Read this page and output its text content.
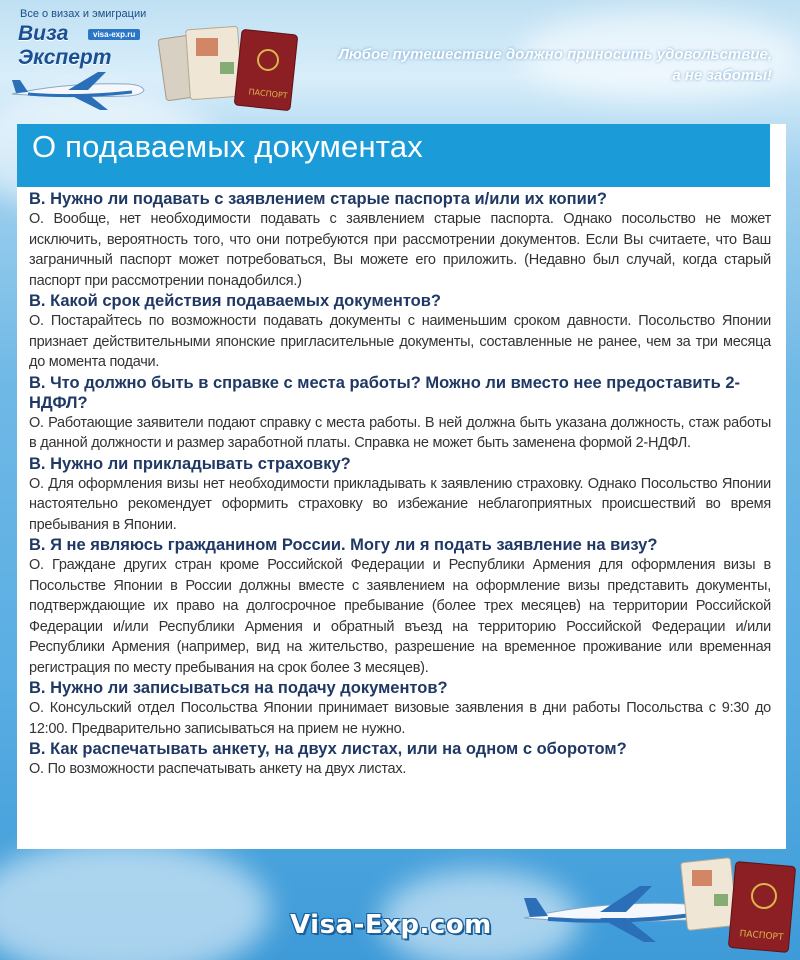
Все о визах и эмиграции
Виза
Эксперт
visa-exp.ru
ПАСПОРТ
Любое путешествие должно приносить удовольствие,
а не заботы!
О подаваемых документах
В. Нужно ли подавать с заявлением старые паспорта и/или их копии?
О. Вообще, нет необходимости подавать с заявлением старые паспорта. Однако посольство не может исключить, вероятность того, что они потребуются при рассмотрении документов. Если Вы считаете, что Ваш заграничный паспорт может потребоваться, Вы можете его приложить. (Недавно был случай, когда старый паспорт при рассмотрении понадобился.)
В. Какой срок действия подаваемых документов?
О. Постарайтесь по возможности подавать документы с наименьшим сроком давности. Посольство Японии признает действительными японские пригласительные документы, составленные не ранее, чем за три месяца до момента подачи.
В. Что должно быть в справке с места работы? Можно ли вместо нее предоставить 2-НДФЛ?
О. Работающие заявители подают справку с места работы. В ней должна быть указана должность, стаж работы в данной должности и размер заработной платы. Справка не может быть заменена формой 2-НДФЛ.
В. Нужно ли прикладывать страховку?
О. Для оформления визы нет необходимости прикладывать к заявлению страховку. Однако Посольство Японии настоятельно рекомендует оформить страховку во избежание неблагоприятных происшествий во время пребывания в Японии.
В. Я не являюсь гражданином России. Могу ли я подать заявление на визу?
О. Граждане других стран кроме Российской Федерации и Республики Армения для оформления визы в Посольстве Японии в России должны вместе с заявлением на оформление визы представить документы, подтверждающие их право на долгосрочное пребывание (более трех месяцев) на территории Российской Федерации и/или Республики Армения и обратный въезд на территорию Российской Федерации и/или Республики Армения (например, вид на жительство, разрешение на временное проживание или временная регистрация по месту пребывания на срок более 3 месяцев).
В. Нужно ли записываться на подачу документов?
О. Консульский отдел Посольства Японии принимает визовые заявления в дни работы Посольства с 9:30 до 12:00. Предварительно записываться на прием не нужно.
В. Как распечатывать анкету, на двух листах, или на одном с оборотом?
О. По возможности распечатывать анкету на двух листах.
Visa-Exp.com	ПАСПОРТ
